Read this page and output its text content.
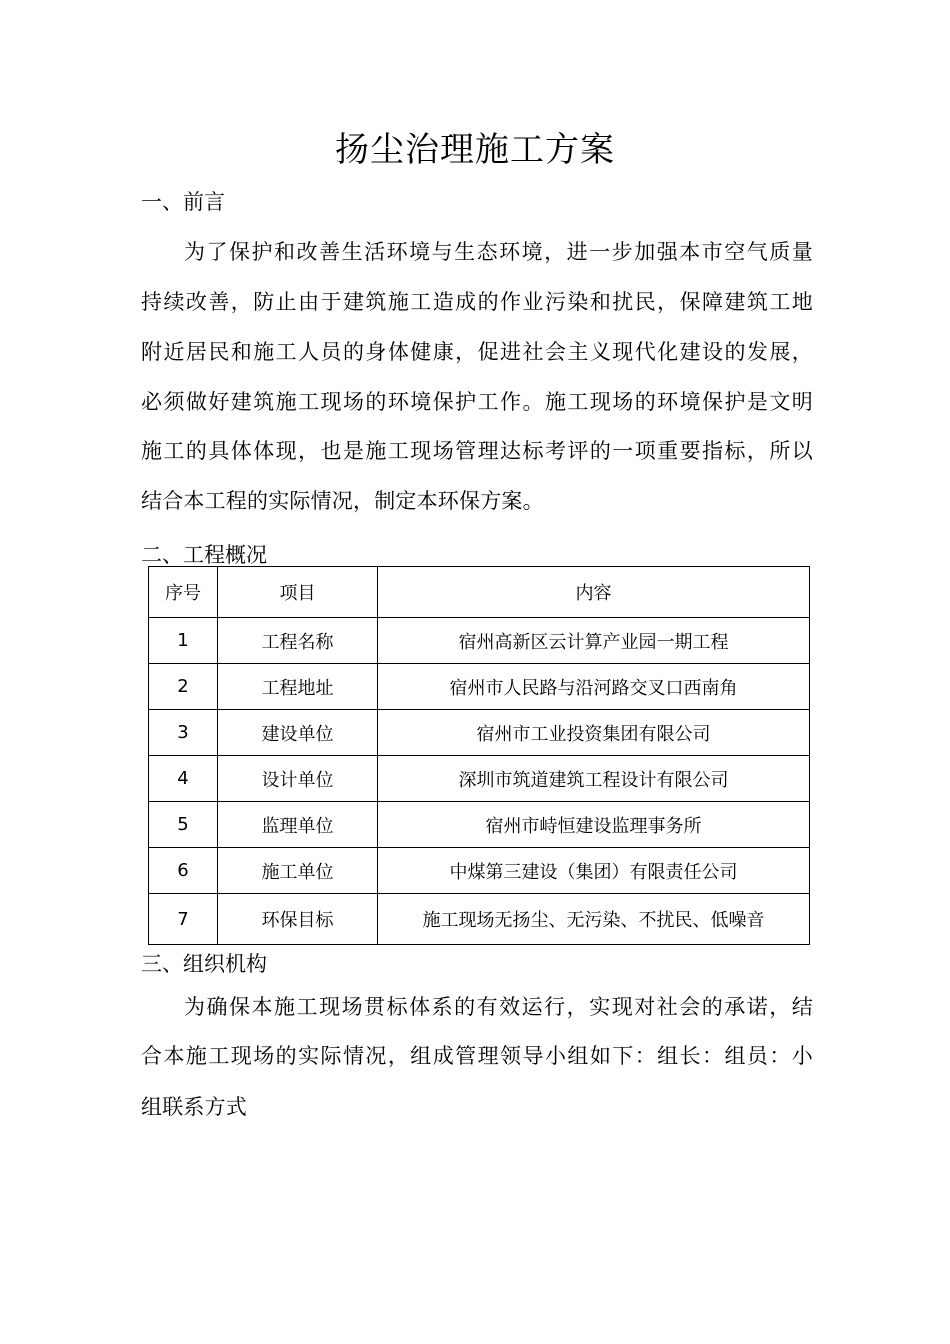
扬尘治理施工方案
一、前言
为了保护和改善生活环境与生态环境，进一步加强本市空气质量
持续改善，防止由于建筑施工造成的作业污染和扰民，保障建筑工地
附近居民和施工人员的身体健康，促进社会主义现代化建设的发展，
必须做好建筑施工现场的环境保护工作。施工现场的环境保护是文明
施工的具体体现，也是施工现场管理达标考评的一项重要指标，所以
结合本工程的实际情况，制定本环保方案。
二、工程概况
序号	项目	内容
1	工程名称	宿州高新区云计算产业园一期工程
2	工程地址	宿州市人民路与沿河路交叉口西南角
3	建设单位	宿州市工业投资集团有限公司
4	设计单位	深圳市筑道建筑工程设计有限公司
5	监理单位	宿州市峙恒建设监理事务所
6	施工单位	中煤第三建设（集团）有限责任公司
7	环保目标	施工现场无扬尘、无污染、不扰民、低噪音
三、组织机构
为确保本施工现场贯标体系的有效运行，实现对社会的承诺，结
合本施工现场的实际情况，组成管理领导小组如下：组长：组员：小
组联系方式
